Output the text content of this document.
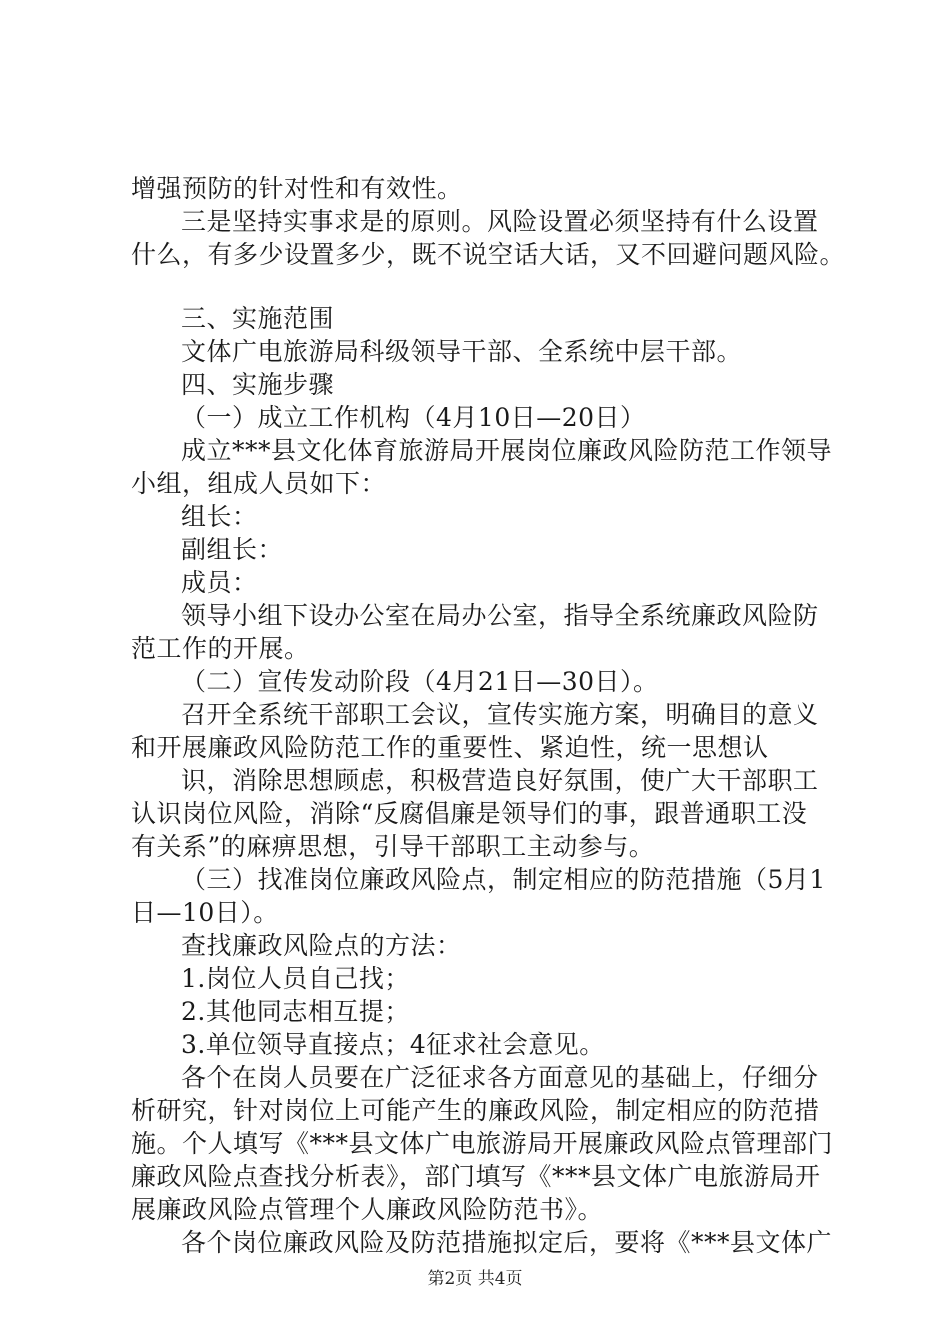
增强预防的针对性和有效性。
三是坚持实事求是的原则。风险设置必须坚持有什么设置
什么，有多少设置多少，既不说空话大话，又不回避问题风险。
三、实施范围
文体广电旅游局科级领导干部、全系统中层干部。
四、实施步骤
（一）成立工作机构（4月10日—20日）
成立***县文化体育旅游局开展岗位廉政风险防范工作领导
小组，组成人员如下：
组长：
副组长：
成员：
领导小组下设办公室在局办公室，指导全系统廉政风险防
范工作的开展。
（二）宣传发动阶段（4月21日—30日）。
召开全系统干部职工会议，宣传实施方案，明确目的意义
和开展廉政风险防范工作的重要性、紧迫性，统一思想认
识，消除思想顾虑，积极营造良好氛围，使广大干部职工
认识岗位风险，消除“反腐倡廉是领导们的事，跟普通职工没
有关系”的麻痹思想，引导干部职工主动参与。
（三）找准岗位廉政风险点，制定相应的防范措施（5月1
日—10日）。
查找廉政风险点的方法：
1.岗位人员自己找；
2.其他同志相互提；
3.单位领导直接点；4征求社会意见。
各个在岗人员要在广泛征求各方面意见的基础上，仔细分
析研究，针对岗位上可能产生的廉政风险，制定相应的防范措
施。个人填写《***县文体广电旅游局开展廉政风险点管理部门
廉政风险点查找分析表》，部门填写《***县文体广电旅游局开
展廉政风险点管理个人廉政风险防范书》。
各个岗位廉政风险及防范措施拟定后，要将《***县文体广
第2页 共4页
